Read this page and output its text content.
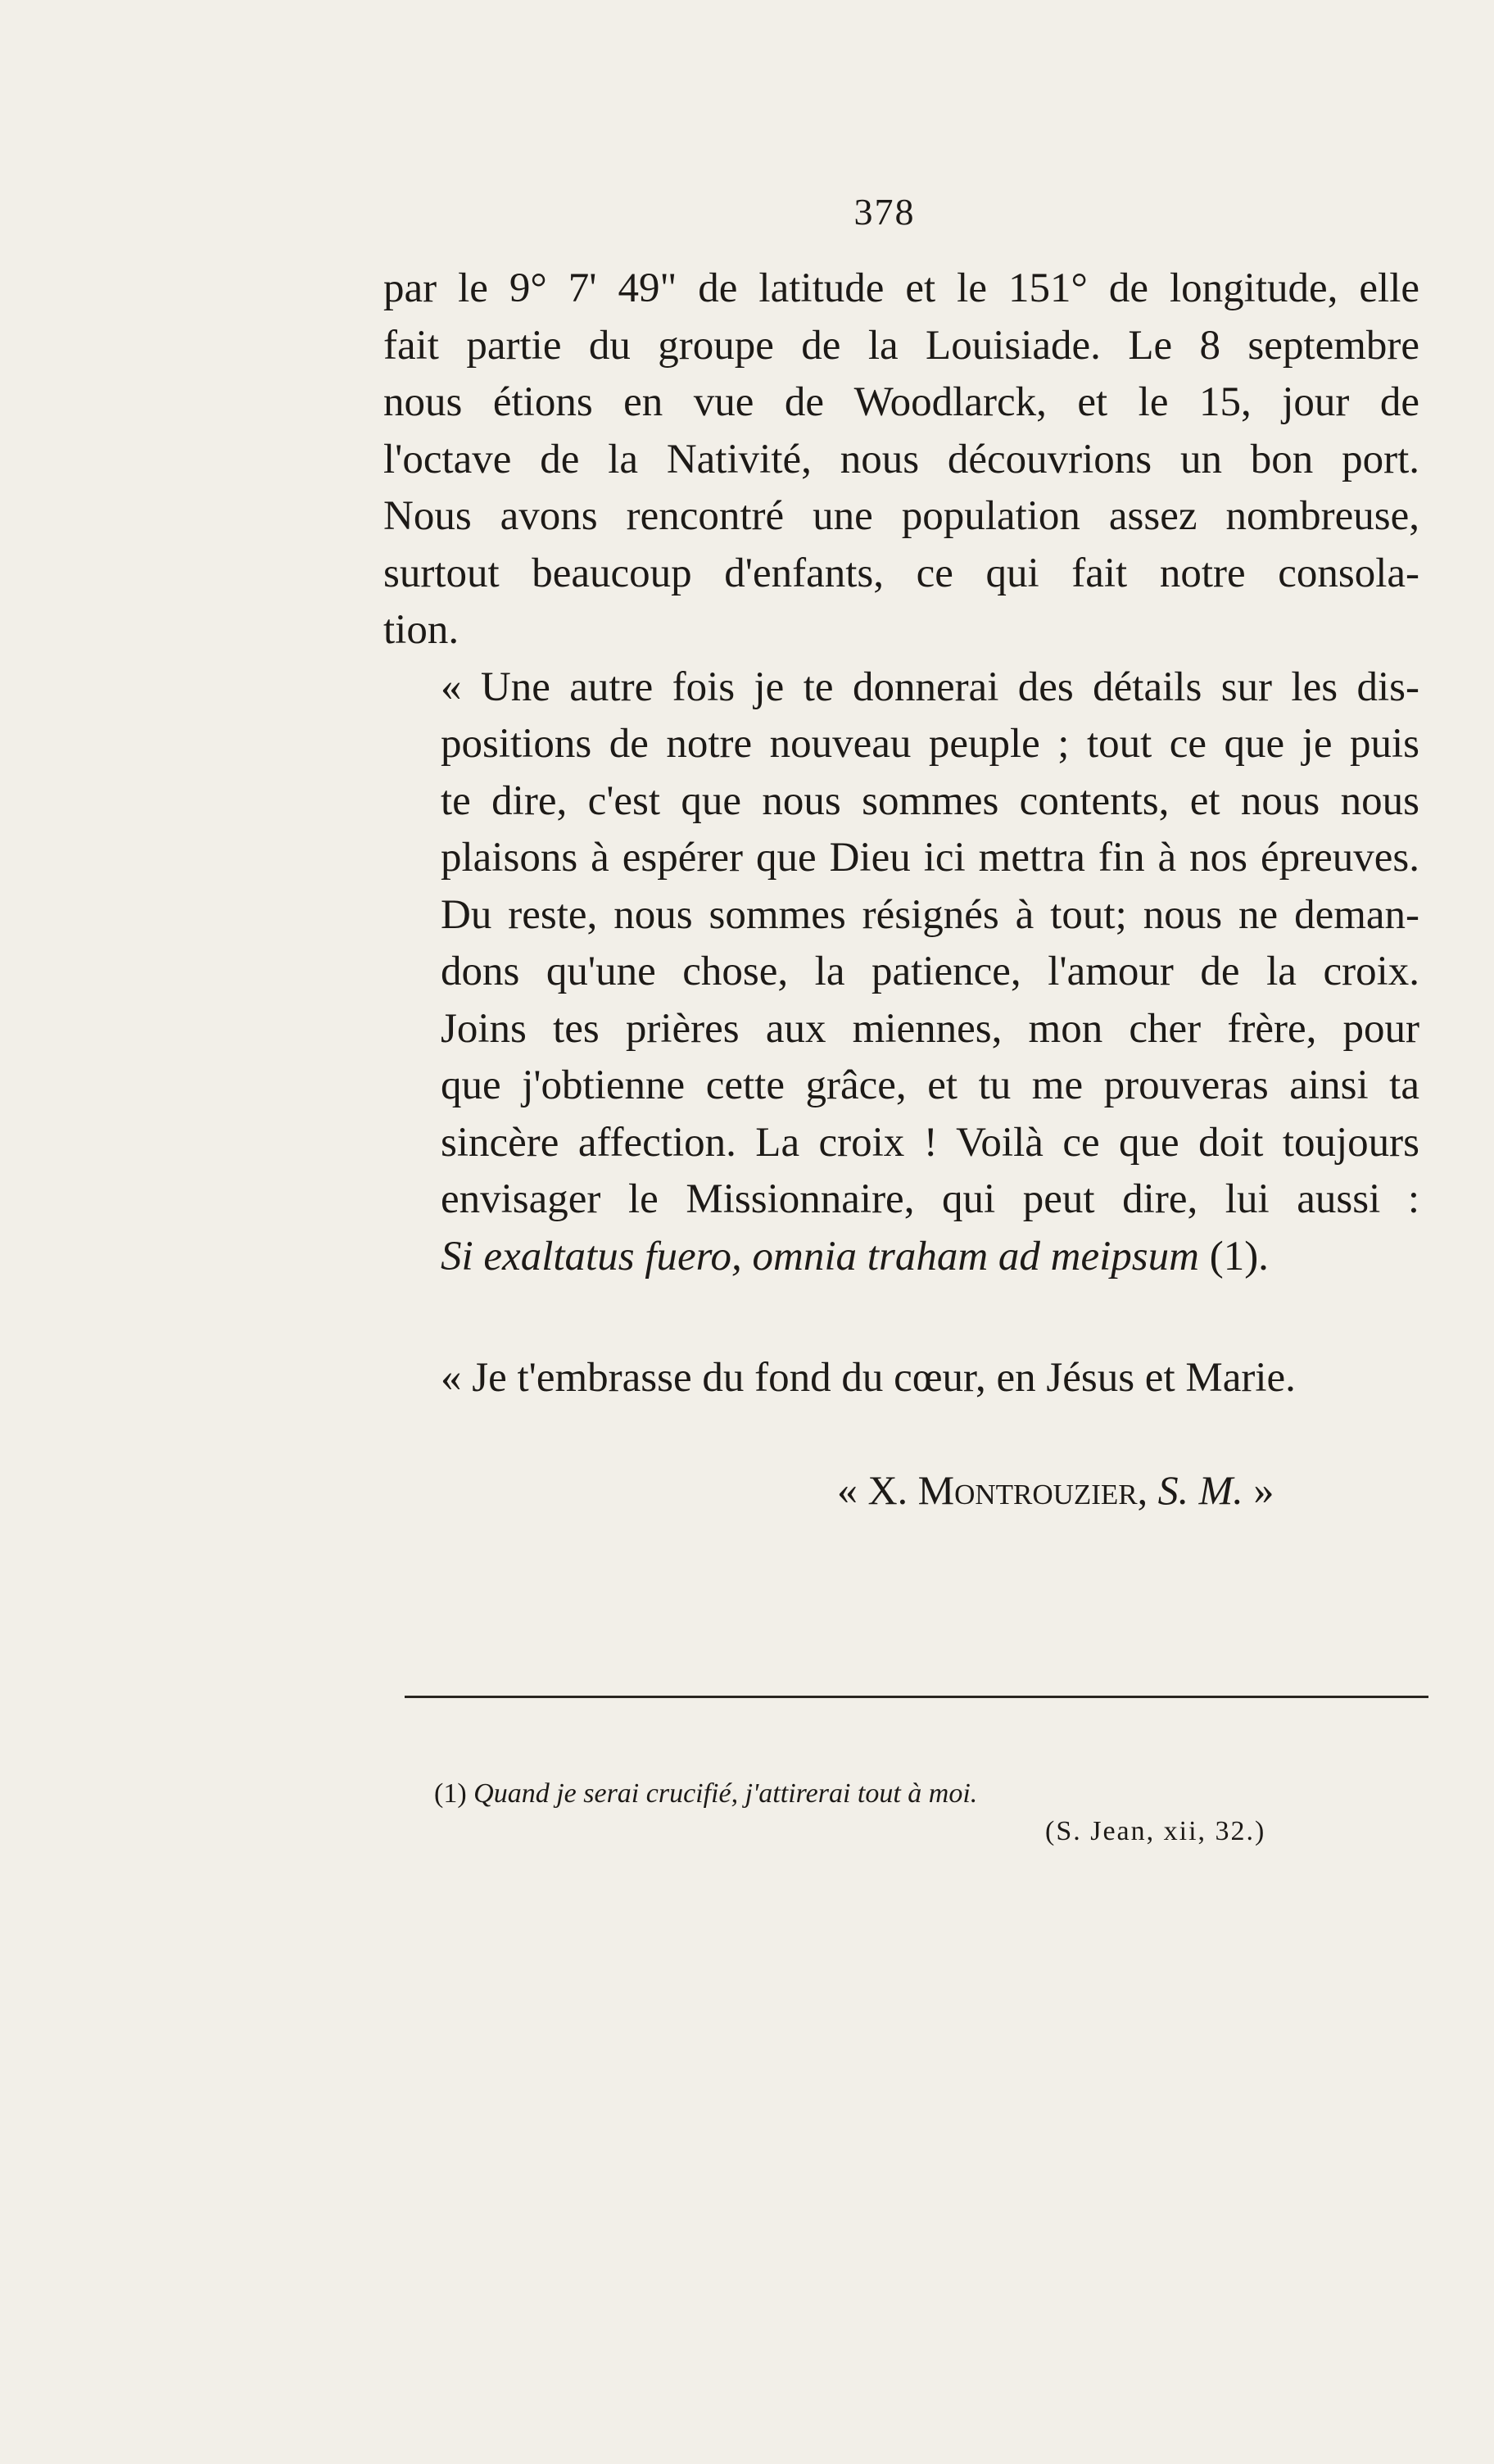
378

par le 9° 7' 49" de latitude et le 151° de longitude, elle
fait partie du groupe de la Louisiade. Le 8 septembre
nous étions en vue de Woodlarck, et le 15, jour de
l'octave de la Nativité, nous découvrions un bon port.
Nous avons rencontré une population assez nombreuse,
surtout beaucoup d'enfants, ce qui fait notre consola-
tion.

« Une autre fois je te donnerai des détails sur les dis-
positions de notre nouveau peuple ; tout ce que je puis
te dire, c'est que nous sommes contents, et nous nous
plaisons à espérer que Dieu ici mettra fin à nos épreuves.
Du reste, nous sommes résignés à tout; nous ne deman-
dons qu'une chose, la patience, l'amour de la croix.
Joins tes prières aux miennes, mon cher frère, pour
que j'obtienne cette grâce, et tu me prouveras ainsi ta
sincère affection. La croix ! Voilà ce que doit toujours
envisager le Missionnaire, qui peut dire, lui aussi :
Si exaltatus fuero, omnia traham ad meipsum (1).

« Je t'embrasse du fond du cœur, en Jésus et Marie.
« X. Montrouzier, S. M. »
(1) Quand je serai crucifié, j'attirerai tout à moi.
(S. Jean, xii, 32.)
